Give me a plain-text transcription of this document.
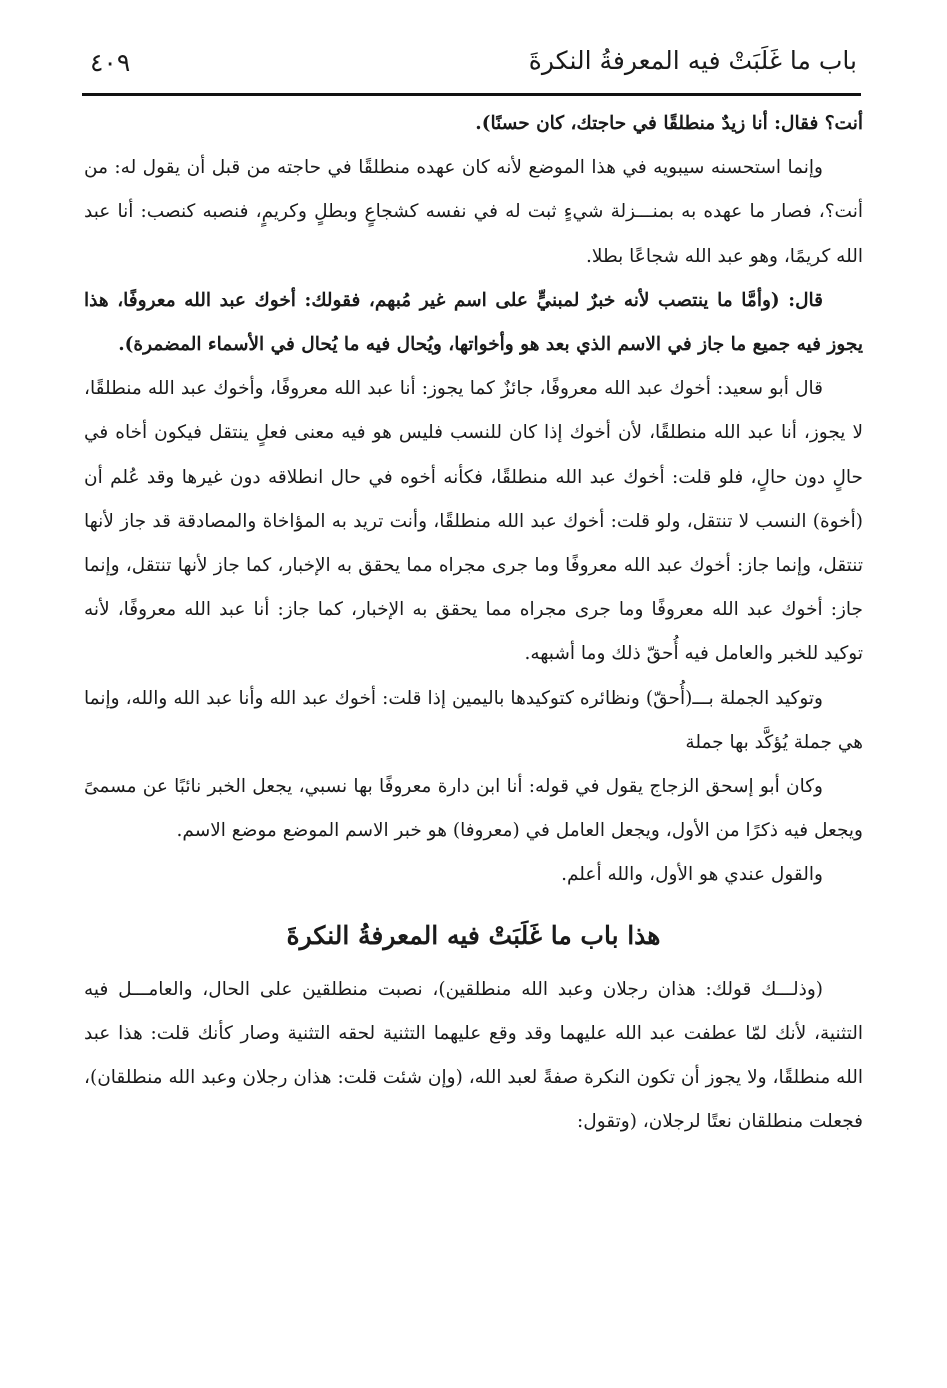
باب ما غَلَبَتْ فيه المعرفةُ النكرةَ
٤٠٩

أنت؟ فقال: أنا زيدٌ منطلقًا في حاجتك، كان حسنًا).

وإنما استحسنه سيبويه في هذا الموضع لأنه كان عهده منطلقًا في حاجته من قبل أن يقول له: من أنت؟، فصار ما عهده به بمنـــزلة شيءٍ ثبت له في نفسه كشجاعٍ وبطلٍ وكريمٍ، فنصبه كنصب: أنا عبد الله كريمًا، وهو عبد الله شجاعًا بطلا.

قال: (وأمَّا ما ينتصب لأنه خبرٌ لمبنيٍّ على اسم غير مُبهم، فقولك: أخوك عبد الله معروفًا، هذا يجوز فيه جميع ما جاز في الاسم الذي بعد هو وأخواتها، ويُحال فيه ما يُحال في الأسماء المضمرة).

قال أبو سعيد: أخوك عبد الله معروفًا، جائزٌ كما يجوز: أنا عبد الله معروفًا، وأخوك عبد الله منطلقًا، لا يجوز، أنا عبد الله منطلقًا، لأن أخوك إذا كان للنسب فليس هو فيه معنى فعلٍ ينتقل فيكون أخاه في حالٍ دون حالٍ، فلو قلت: أخوك عبد الله منطلقًا، فكأنه أخوه في حال انطلاقه دون غيرها وقد عُلم أن (أخوة) النسب لا تنتقل، ولو قلت: أخوك عبد الله منطلقًا، وأنت تريد به المؤاخاة والمصادقة قد جاز لأنها تنتقل، وإنما جاز: أخوك عبد الله معروفًا وما جرى مجراه مما يحقق به الإخبار، كما جاز لأنها تنتقل، وإنما جاز: أخوك عبد الله معروفًا وما جرى مجراه مما يحقق به الإخبار، كما جاز: أنا عبد الله معروفًا، لأنه توكيد للخبر والعامل فيه أُحقّ ذلك وما أشبهه.

وتوكيد الجملة بـــ(أُحقّ) ونظائره كتوكيدها باليمين إذا قلت: أخوك عبد الله وأنا عبد الله والله، وإنما هي جملة يُؤكَّد بها جملة

وكان أبو إسحق الزجاج يقول في قوله: أنا ابن دارة معروفًا بها نسبي، يجعل الخبر نائبًا عن مسمىً ويجعل فيه ذكرًا من الأول، ويجعل العامل في (معروفا) هو خبر الاسم الموضع موضع الاسم.

والقول عندي هو الأول، والله أعلم.

هذا باب ما غَلَبَتْ فيه المعرفةُ النكرةَ

(وذلـــك قولك: هذان رجلان وعبد الله منطلقين)، نصبت منطلقين على الحال، والعامـــل فيه التثنية، لأنك لمّا عطفت عبد الله عليهما وقد وقع عليهما التثنية لحقه التثنية وصار كأنك قلت: هذا عبد الله منطلقًا، ولا يجوز أن تكون النكرة صفةً لعبد الله، (وإن شئت قلت: هذان رجلان وعبد الله منطلقان)، فجعلت منطلقان نعتًا لرجلان، (وتقول:
